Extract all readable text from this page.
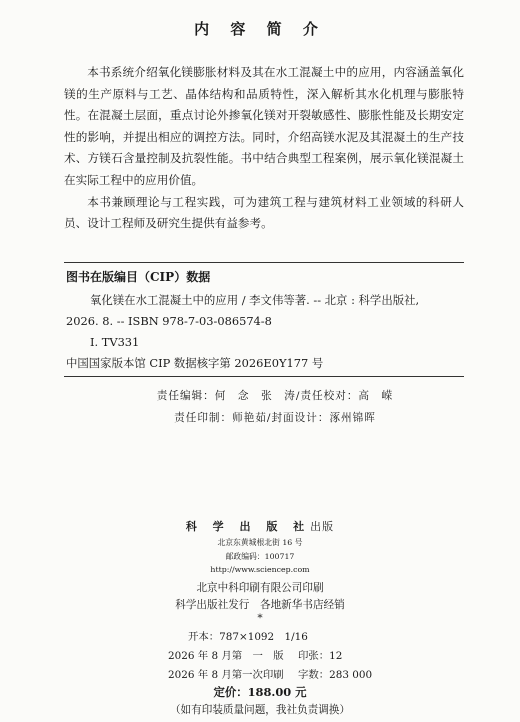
内 容 简 介

本书系统介绍氧化镁膨胀材料及其在水工混凝土中的应用，内容涵盖氧化镁的生产原料与工艺、晶体结构和品质特性，深入解析其水化机理与膨胀特性。在混凝土层面，重点讨论外掺氧化镁对开裂敏感性、膨胀性能及长期安定性的影响，并提出相应的调控方法。同时，介绍高镁水泥及其混凝土的生产技术、方镁石含量控制及抗裂性能。书中结合典型工程案例，展示氧化镁混凝土在实际工程中的应用价值。

本书兼顾理论与工程实践，可为建筑工程与建筑材料工业领域的科研人员、设计工程师及研究生提供有益参考。

图书在版编目（CIP）数据
氧化镁在水工混凝土中的应用 / 李文伟等著. -- 北京 : 科学出版社,
2026. 8. -- ISBN 978-7-03-086574-8
I. TV331
中国国家版本馆 CIP 数据核字第 2026E0Y177 号
责任编辑：何　念　张　涛/责任校对：高　嵘
责任印制：师艳茹/封面设计：涿州锦晖
科 学 出 版 社出版
北京东黄城根北街 16 号
邮政编码：100717
http://www.sciencep.com
北京中科印刷有限公司印刷
科学出版社发行　各地新华书店经销
*
开本：787×1092　1/16
2026 年 8 月第　一　版 印张：12
2026 年 8 月第一次印刷 字数：283 000
定价：188.00 元
（如有印装质量问题，我社负责调换）
